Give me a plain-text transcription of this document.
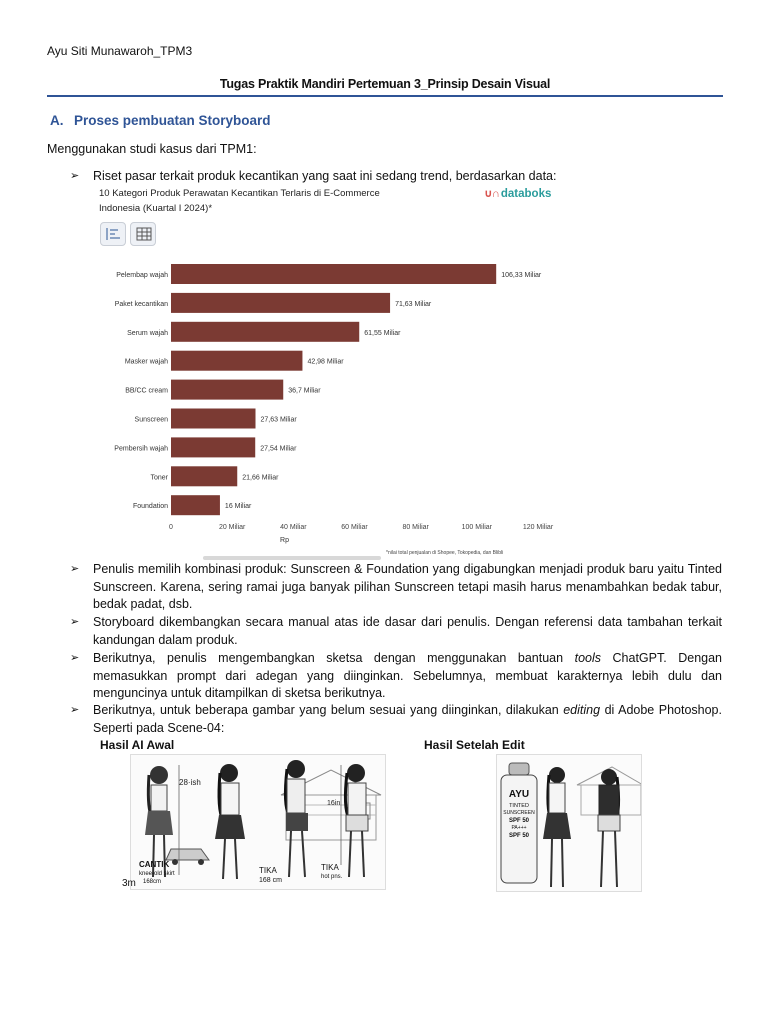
Ayu Siti Munawaroh_TPM3
Tugas Praktik Mandiri Pertemuan 3_Prinsip Desain Visual
A. Proses pembuatan Storyboard
Menggunakan studi kasus dari TPM1:
➢ Riset pasar terkait produk kecantikan yang saat ini sedang trend, berdasarkan data:
10 Kategori Produk Perawatan Kecantikan Terlaris di E-Commerce Indonesia (Kuartal I 2024)*
∪∩ databoks
Pelembap wajah	106,33 Miliar
Paket kecantikan	71,63 Miliar
Serum wajah	61,55 Miliar
Masker wajah	42,98 Miliar
BB/CC cream	36,7 Miliar
Sunscreen	27,63 Miliar
Pembersih wajah	27,54 Miliar
Toner	21,66 Miliar
Foundation	16 Miliar
0	20 Miliar	40 Miliar	60 Miliar	80 Miliar	100 Miliar	120 Miliar
Rp
*nilai total penjualan di Shopee, Tokopedia, dan Blibli
➢ Penulis memilih kombinasi produk: Sunscreen & Foundation yang digabungkan menjadi produk baru yaitu Tinted Sunscreen. Karena, sering ramai juga banyak pilihan Sunscreen tetapi masih harus menambahkan bedak tabur, bedak padat, dsb.
➢ Storyboard dikembangkan secara manual atas ide dasar dari penulis. Dengan referensi data tambahan terkait kandungan dalam produk.
➢ Berikutnya, penulis mengembangkan sketsa dengan menggunakan bantuan tools ChatGPT. Dengan memasukkan prompt dari adegan yang diinginkan. Sebelumnya, membuat karakternya lebih dulu dan menguncinya untuk ditampilkan di sketsa berikutnya.
➢ Berikutnya, untuk beberapa gambar yang belum sesuai yang diinginkan, dilakukan editing di Adobe Photoshop. Seperti pada Scene-04:
Hasil AI Awal	Hasil Setelah Edit
28·ish
16in
CANTIK
knee-old skirt
168cm
TIKA
168 cm
TIKA
hot pns.
3m
AYU
TINTED
SUNSCREEN
SPF 50
PA+++
SPF 50
